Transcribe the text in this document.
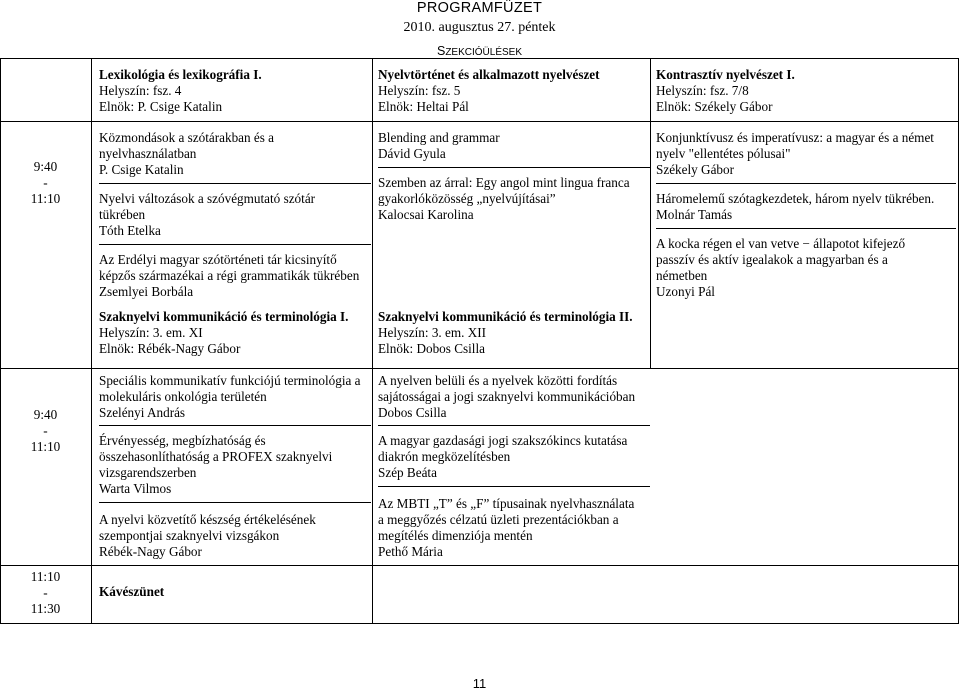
PROGRAMFÜZET
2010. augusztus 27. péntek
SZEKCIÓÜLÉSEK

Lexikológia és lexikográfia I.

Helyszín: fsz. 4

Elnök: P. Csige Katalin

Nyelvtörténet és alkalmazott nyelvészet

Helyszín: fsz. 5

Elnök: Heltai Pál

Kontrasztív nyelvészet I.

Helyszín: fsz. 7/8

Elnök: Székely Gábor

9:40
-
11:10

Közmondások a szótárakban és a

nyelvhasználatban

P. Csige Katalin

Nyelvi változások a szóvégmutató szótár

tükrében

Tóth Etelka

Az Erdélyi magyar szótörténeti tár kicsinyítő

képzős származékai a régi grammatikák tükrében

Zsemlyei Borbála

Blending and grammar

Dávid Gyula

Szemben az árral: Egy angol mint lingua franca

gyakorlóközösség „nyelvújításai”

Kalocsai Karolina

Konjunktívusz és imperatívusz: a magyar és a német

nyelv "ellentétes pólusai"

Székely Gábor

Háromelemű szótagkezdetek, három nyelv tükrében.

Molnár Tamás

A kocka régen el van vetve − állapotot kifejező

passzív és aktív igealakok a magyarban és a

németben

Uzonyi Pál

Szaknyelvi kommunikáció és terminológia I.

Helyszín: 3. em. XI

Elnök: Rébék-Nagy Gábor

Szaknyelvi kommunikáció és terminológia II.

Helyszín: 3. em. XII

Elnök: Dobos Csilla

9:40
-
11:10

Speciális kommunikatív funkciójú terminológia a

molekuláris onkológia területén

Szelényi András

Érvényesség, megbízhatóság és

összehasonlíthatóság a PROFEX szaknyelvi

vizsgarendszerben

Warta Vilmos

A nyelvi közvetítő készség értékelésének

szempontjai szaknyelvi vizsgákon

Rébék-Nagy Gábor

A nyelven belüli és a nyelvek közötti fordítás

sajátosságai a jogi szaknyelvi kommunikációban

Dobos Csilla

A magyar gazdasági jogi szakszókincs kutatása

diakrón megközelítésben

Szép Beáta

Az MBTI „T” és „F” típusainak nyelvhasználata

a meggyőzés célzatú üzleti prezentációkban a

megítélés dimenziója mentén

Pethő Mária

11:10
-
11:30
Kávészünet
11
